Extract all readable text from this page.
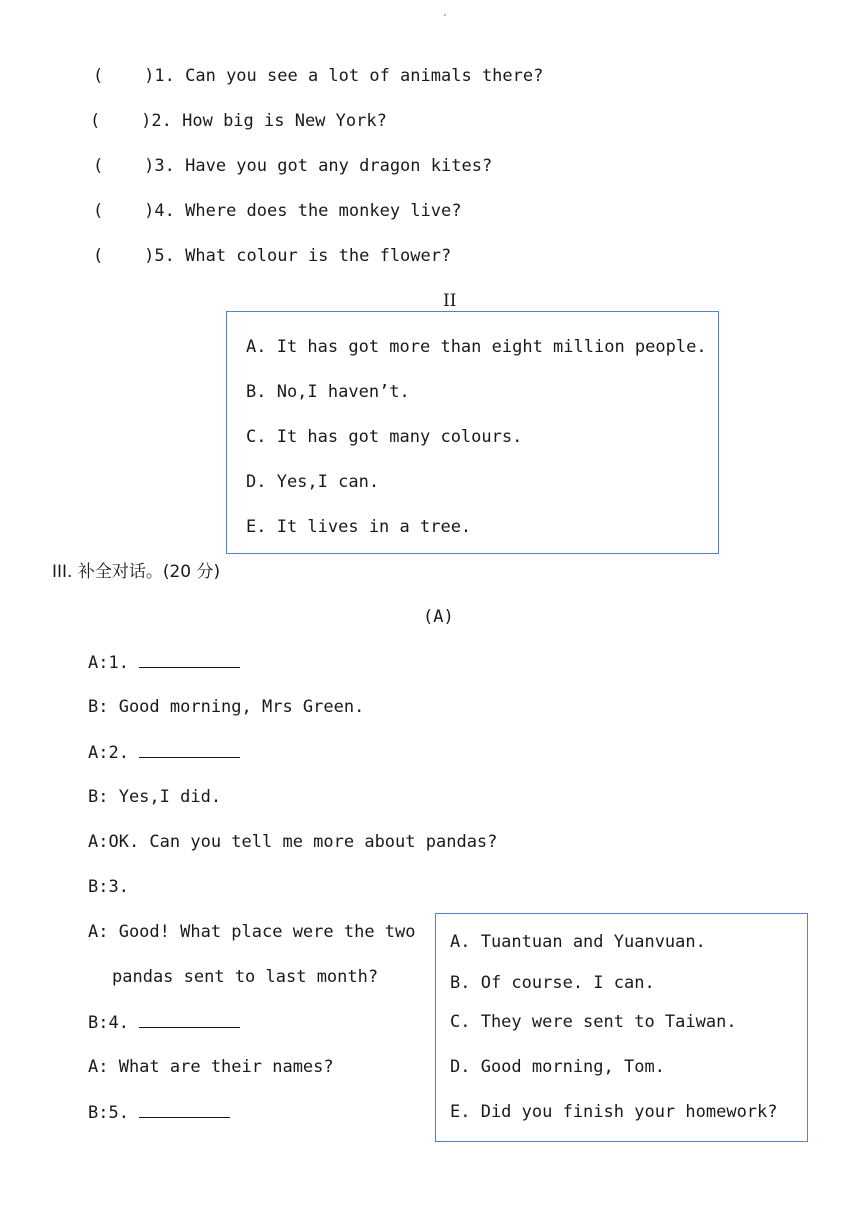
(    )1. Can you see a lot of animals there?
(    )2. How big is New York?
(    )3. Have you got any dragon kites?
(    )4. Where does the monkey live?
(    )5. What colour is the flower?
II
A. It has got more than eight million people.
B. No,I haven’t.
C. It has got many colours.
D. Yes,I can.
E. It lives in a tree.
III. 补全对话。(20 分)
(A)
A:1.
B: Good morning, Mrs Green.
A:2.
B: Yes,I did.
A:OK. Can you tell me more about pandas?
B:3.
A: Good! What place were the two
pandas sent to last month?
B:4.
A: What are their names?
B:5.
A. Tuantuan and Yuanvuan.
B. Of course. I can.
C. They were sent to Taiwan.
D. Good morning, Tom.
E. Did you finish your homework?
